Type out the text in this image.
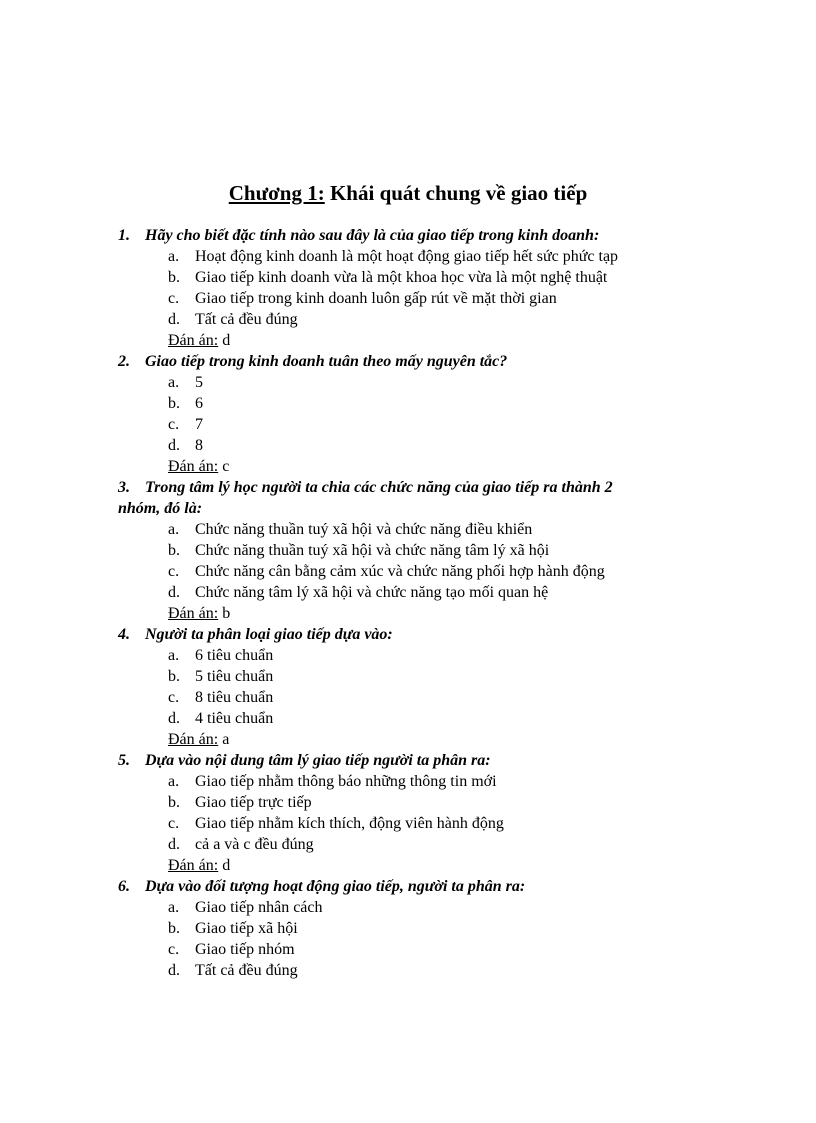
Chương 1: Khái quát chung về giao tiếp
1. Hãy cho biết đặc tính nào sau đây là của giao tiếp trong kinh doanh:
a. Hoạt động kinh doanh là một hoạt động giao tiếp hết sức phức tạp
b. Giao tiếp kinh doanh vừa là một khoa học vừa là một nghệ thuật
c. Giao tiếp trong kinh doanh luôn gấp rút về mặt thời gian
d. Tất cả đều đúng
Đán án: d
2. Giao tiếp trong kinh doanh tuân theo mấy nguyên tắc?
a. 5
b. 6
c. 7
d. 8
Đán án: c
3. Trong tâm lý học người ta chia các chức năng của giao tiếp ra thành 2
nhóm, đó là:
a. Chức năng thuần tuý xã hội và chức năng điều khiển
b. Chức năng thuần tuý xã hội và chức năng tâm lý xã hội
c. Chức năng cân bằng cảm xúc và chức năng phối hợp hành động
d. Chức năng tâm lý xã hội và chức năng tạo mối quan hệ
Đán án: b
4. Người ta phân loại giao tiếp dựa vào:
a. 6 tiêu chuẩn
b. 5 tiêu chuẩn
c. 8 tiêu chuẩn
d. 4 tiêu chuẩn
Đán án: a
5. Dựa vào nội dung tâm lý giao tiếp người ta phân ra:
a. Giao tiếp nhằm thông báo những thông tin mới
b. Giao tiếp trực tiếp
c. Giao tiếp nhằm kích thích, động viên hành động
d. cả a và c đều đúng
Đán án: d
6. Dựa vào đối tượng hoạt động giao tiếp, người ta phân ra:
a. Giao tiếp nhân cách
b. Giao tiếp xã hội
c. Giao tiếp nhóm
d. Tất cả đều đúng
